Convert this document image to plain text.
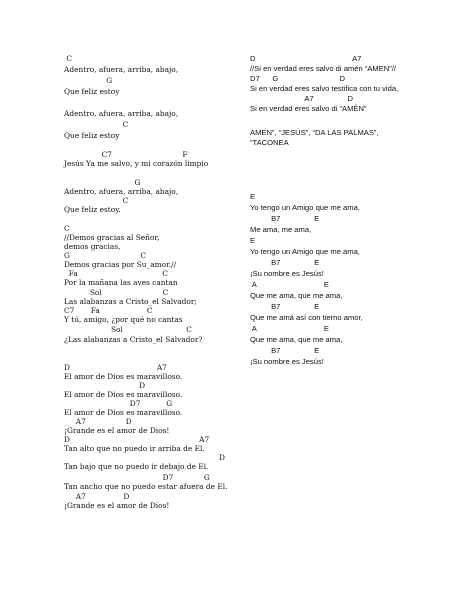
C
Adentro, afuera, arriba, abajo,
G
Que feliz estoy
Adentro, afuera, arriba, abajo,
C
Que feliz estoy
C7                              F
Jesús Ya me salvo, y mi corazón limpio
G
Adentro, afuera, arriba, abajo,
C
Que feliz estoy.
C
//Demos gracias al Señor,
demos gracias,
G                              C
Demos gracias por Su_amor.//
Fa                                    C
Sol                          C
Por la mañana las aves cantan
Las alabanzas a Cristo_el Salvador;
C7       Fa                    C
Y tú, amigo, ¿por qué no cantas
Sol                           C
¿Las alabanzas a Cristo_el Salvador?
D                                     A7
El amor de Dios es maravilloso.
D
El amor de Dios es maravilloso.
D7           G
El amor de Dios es maravilloso.
A7                 D
¡Grande es el amor de Dios!
D                                                       A7
Tan alto que no puedo ir arriba de El.
D
Tan bajo que no puedo ir debajo de El.
D7             G
Tan ancho que no puedo estar afuera de El.
A7                D
¡Grande es el amor de Dios!
D                                              A7
//Si en verdad eres salvo di amén “AMEN”//
D7      G                             D
Si en verdad eres salvo testifica con tu vida,
A7                D
Si en verdad eres salvo di “AMÉN”
AMEN”, “JESÚS”, “DA LAS PALMAS”,
“TACONEA
E
Yo tengo un Amigo que me ama,
B7                E
Me ama, me ama,
E
Yo tengo un Amigo que me ama,
B7                E
¡Su nombre es Jesús!
A                                E
Que me ama, que me ama,
B7                E
Que me amá así con tierno amor,
A                                E
Que me ama, que me ama,
B7                E
¡Su nombre es Jesús!
